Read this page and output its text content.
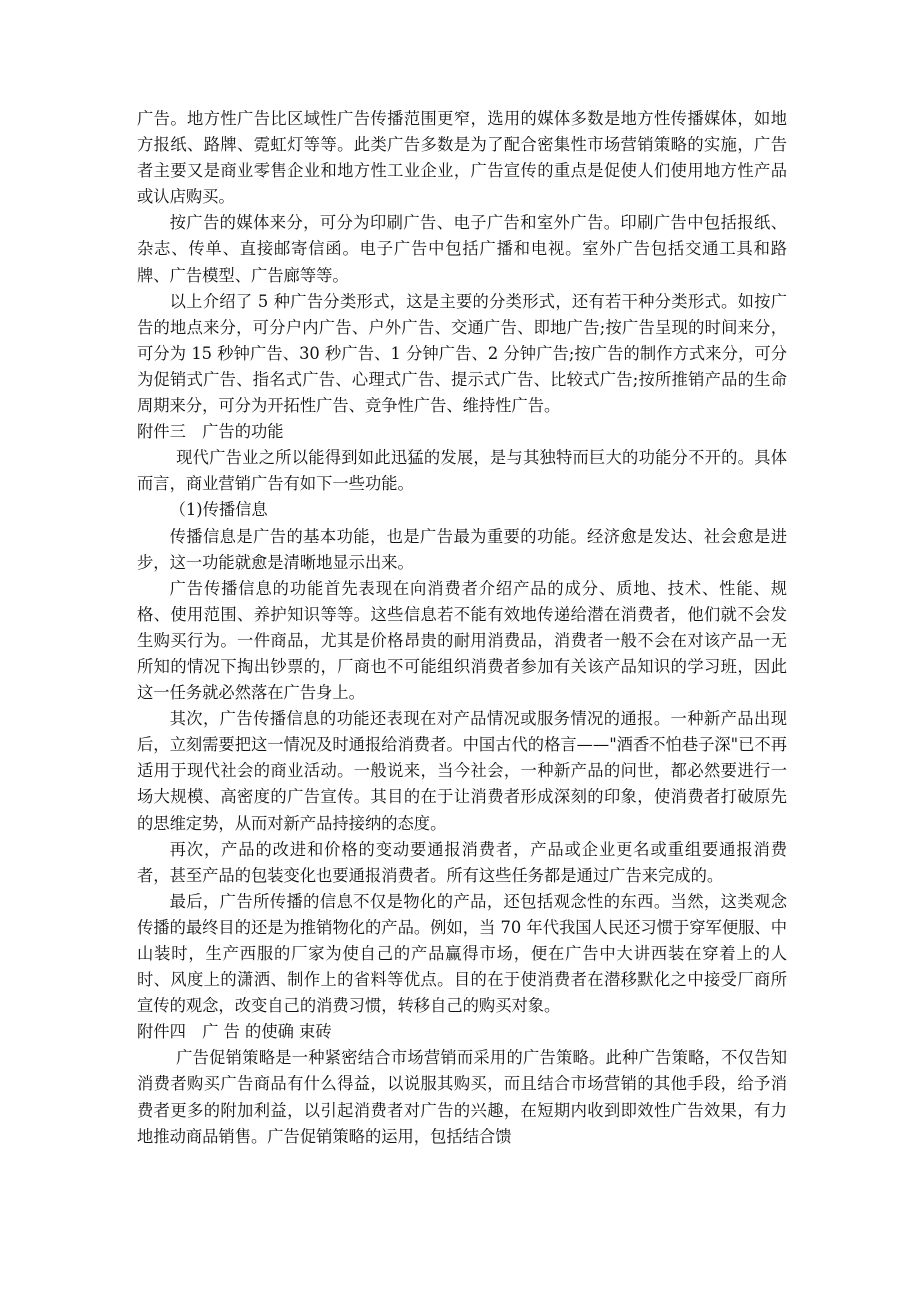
广告。地方性广告比区域性广告传播范围更窄，选用的媒体多数是地方性传播媒体，如地方报纸、路牌、霓虹灯等等。此类广告多数是为了配合密集性市场营销策略的实施，广告者主要又是商业零售企业和地方性工业企业，广告宣传的重点是促使人们使用地方性产品或认店购买。

按广告的媒体来分，可分为印刷广告、电子广告和室外广告。印刷广告中包括报纸、杂志、传单、直接邮寄信函。电子广告中包括广播和电视。室外广告包括交通工具和路牌、广告模型、广告廊等等。

以上介绍了 5 种广告分类形式，这是主要的分类形式，还有若干种分类形式。如按广告的地点来分，可分户内广告、户外广告、交通广告、即地广告;按广告呈现的时间来分，可分为 15 秒钟广告、30 秒广告、1 分钟广告、2 分钟广告;按广告的制作方式来分，可分为促销式广告、指名式广告、心理式广告、提示式广告、比较式广告;按所推销产品的生命周期来分，可分为开拓性广告、竞争性广告、维持性广告。

附件三　广告的功能

现代广告业之所以能得到如此迅猛的发展，是与其独特而巨大的功能分不开的。具体而言，商业营销广告有如下一些功能。

（1)传播信息

传播信息是广告的基本功能，也是广告最为重要的功能。经济愈是发达、社会愈是进步，这一功能就愈是清晰地显示出来。

广告传播信息的功能首先表现在向消费者介绍产品的成分、质地、技术、性能、规格、使用范围、养护知识等等。这些信息若不能有效地传递给潜在消费者，他们就不会发生购买行为。一件商品，尤其是价格昂贵的耐用消费品，消费者一般不会在对该产品一无所知的情况下掏出钞票的，厂商也不可能组织消费者参加有关该产品知识的学习班，因此这一任务就必然落在广告身上。

其次，广告传播信息的功能还表现在对产品情况或服务情况的通报。一种新产品出现后，立刻需要把这一情况及时通报给消费者。中国古代的格言——"酒香不怕巷子深"已不再适用于现代社会的商业活动。一般说来，当今社会，一种新产品的问世，都必然要进行一场大规模、高密度的广告宣传。其目的在于让消费者形成深刻的印象，使消费者打破原先的思维定势，从而对新产品持接纳的态度。

再次，产品的改进和价格的变动要通报消费者，产品或企业更名或重组要通报消费者，甚至产品的包装变化也要通报消费者。所有这些任务都是通过广告来完成的。

最后，广告所传播的信息不仅是物化的产品，还包括观念性的东西。当然，这类观念传播的最终目的还是为推销物化的产品。例如，当 70 年代我国人民还习惯于穿军便服、中山装时，生产西服的厂家为使自己的产品赢得市场，便在广告中大讲西装在穿着上的人时、风度上的潇洒、制作上的省料等优点。目的在于使消费者在潜移默化之中接受厂商所宣传的观念，改变自己的消费习惯，转移自己的购买对象。

附件四　广 告 的使确 束砖

广告促销策略是一种紧密结合市场营销而采用的广告策略。此种广告策略，不仅告知消费者购买广告商品有什么得益，以说服其购买，而且结合市场营销的其他手段，给予消费者更多的附加利益，以引起消费者对广告的兴趣，在短期内收到即效性广告效果，有力地推动商品销售。广告促销策略的运用，包括结合馈
